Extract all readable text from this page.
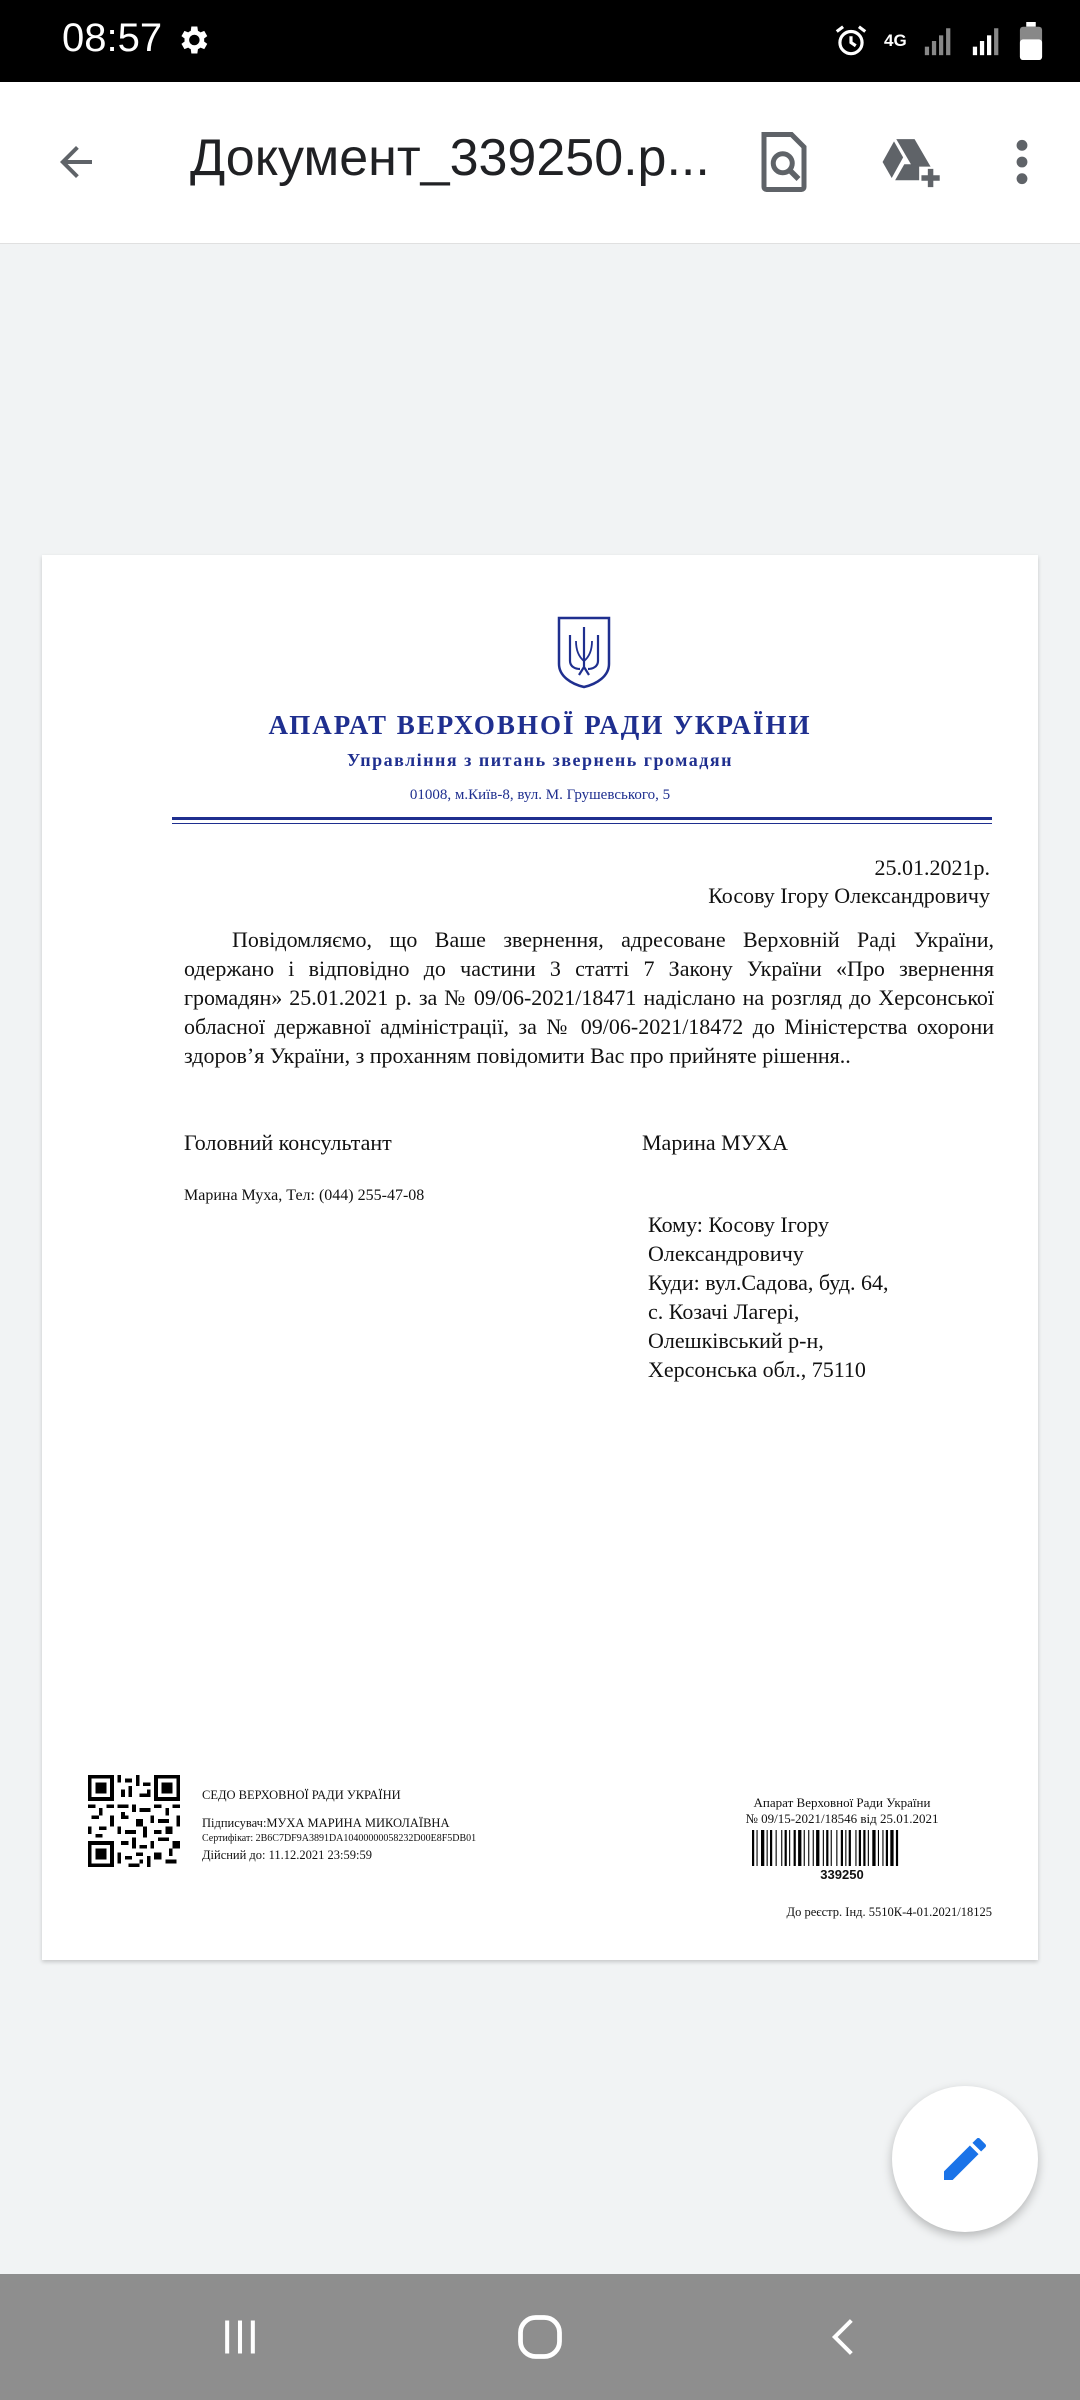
08:57	4G
Документ_339250.p...
АПАРАТ ВЕРХОВНОЇ РАДИ УКРАЇНИ
Управління з питань звернень громадян
01008, м.Київ-8, вул. М. Грушевського, 5
25.01.2021р.
Косову Ігору Олександровичу
Повідомляємо, що Ваше звернення, адресоване Верховній Раді України, одержано і відповідно до частини 3 статті 7 Закону України «Про звернення громадян» 25.01.2021 р. за № 09/06-2021/18471 надіслано на розгляд до Херсонської обласної державної адміністрації, за № 09/06-2021/18472 до Міністерства охорони здоров’я України, з проханням повідомити Вас про прийняте рішення..
Головний консультант	Марина МУХА
Марина Муха, Тел: (044) 255-47-08
Кому: Косову Ігору
Олександровичу
Куди: вул.Садова, буд. 64,
с. Козачі Лагері,
Олешківський р-н,
Херсонська обл., 75110
СЕДО ВЕРХОВНОЇ РАДИ УКРАЇНИ
Підписувач:МУХА МАРИНА МИКОЛАЇВНА
Сертифікат: 2B6C7DF9A3891DA10400000058232D00E8F5DB01
Дійсний до: 11.12.2021 23:59:59
Апарат Верховної Ради України
№ 09/15-2021/18546 від 25.01.2021
339250
До реєстр. Інд. 5510К-4-01.2021/18125
